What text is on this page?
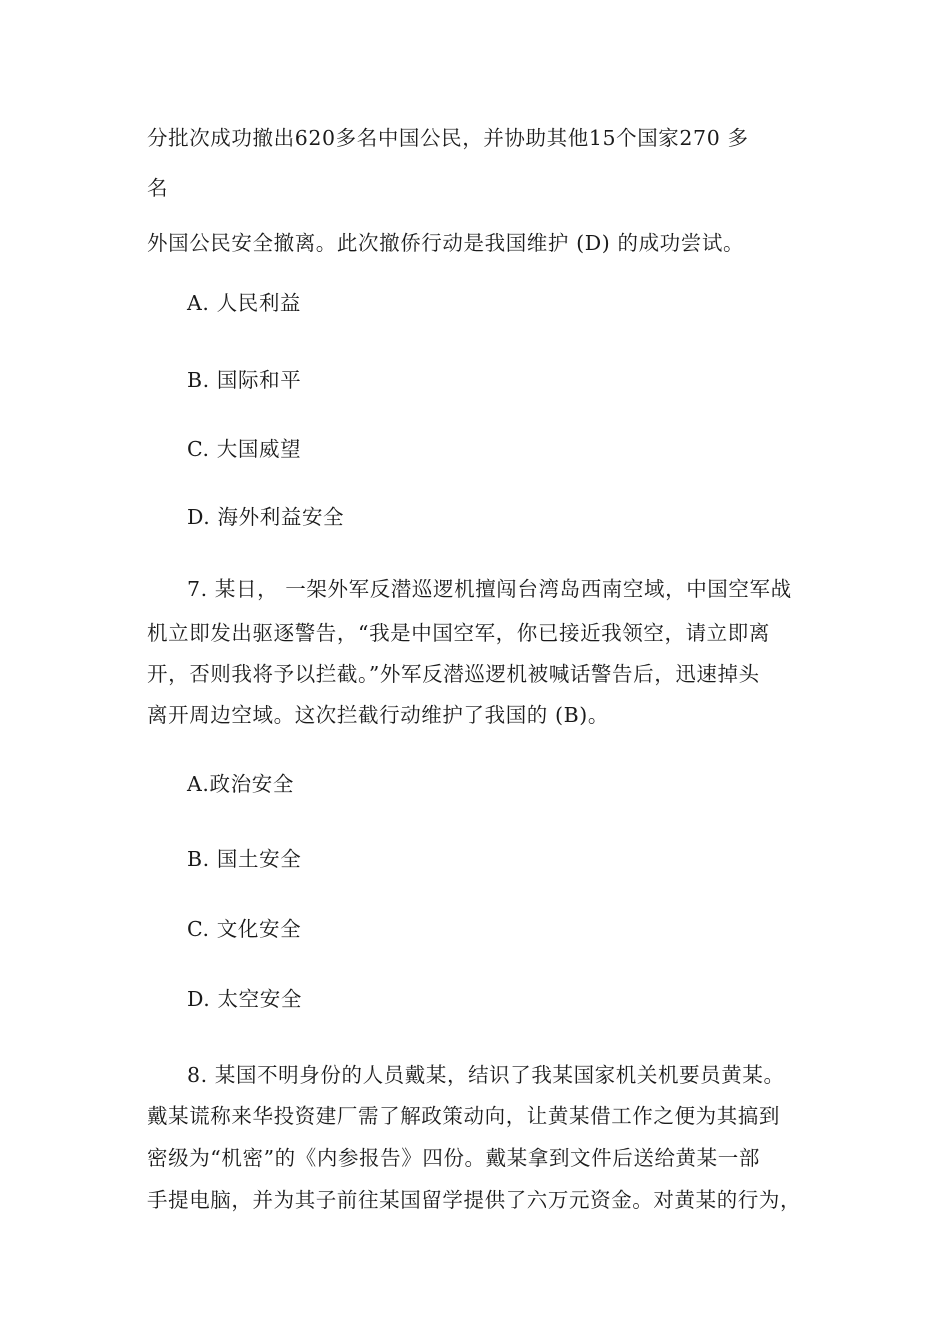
分批次成功撤出620多名中国公民，并协助其他15个国家270 多
名
外国公民安全撤离。此次撤侨行动是我国维护 (D) 的成功尝试。
A. 人民利益
B. 国际和平
C. 大国威望
D. 海外利益安全
7. 某日， 一架外军反潜巡逻机擅闯台湾岛西南空域，中国空军战
机立即发出驱逐警告，“我是中国空军，你已接近我领空，请立即离
开，否则我将予以拦截。”外军反潜巡逻机被喊话警告后，迅速掉头
离开周边空域。这次拦截行动维护了我国的 (B)。
A.政治安全
B. 国土安全
C. 文化安全
D. 太空安全
8. 某国不明身份的人员戴某，结识了我某国家机关机要员黄某。
戴某谎称来华投资建厂需了解政策动向，让黄某借工作之便为其搞到
密级为“机密”的《内参报告》四份。戴某拿到文件后送给黄某一部
手提电脑，并为其子前往某国留学提供了六万元资金。对黄某的行为，
